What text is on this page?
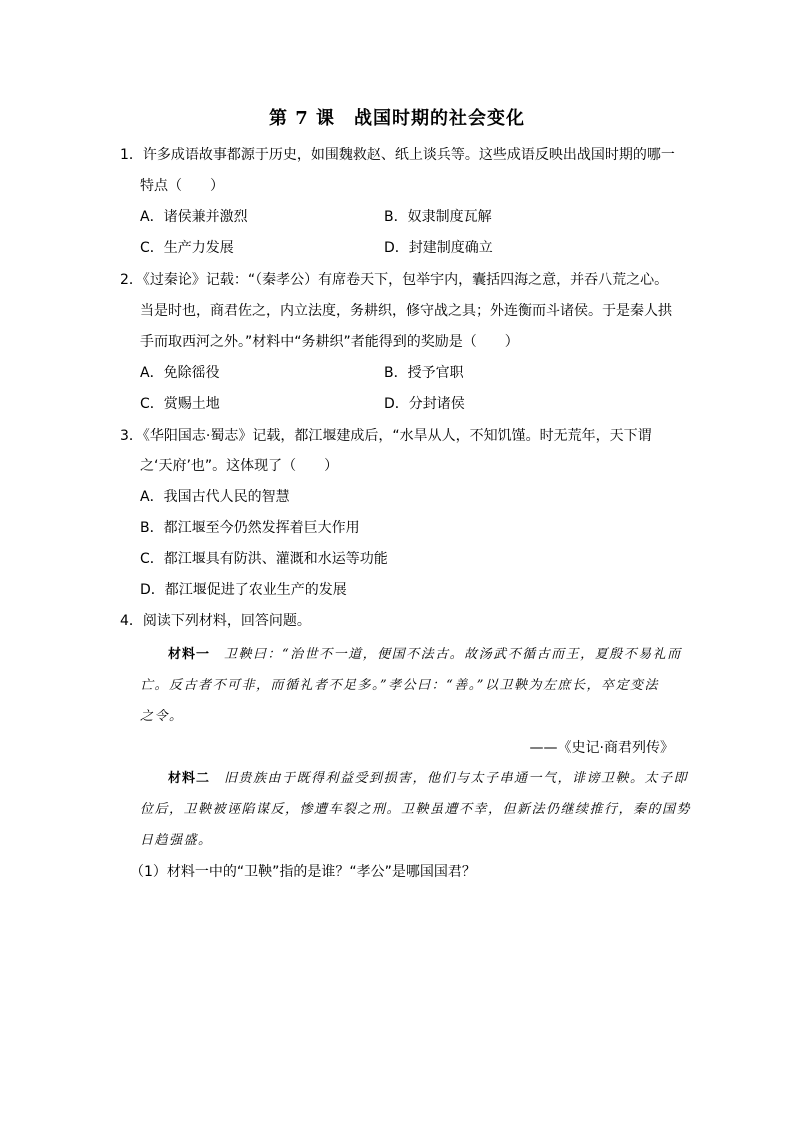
第 7 课　战国时期的社会变化
1．许多成语故事都源于历史，如围魏救赵、纸上谈兵等。这些成语反映出战国时期的哪一
特点（　　）
A．诸侯兼并激烈	B．奴隶制度瓦解
C．生产力发展	D．封建制度确立
2．《过秦论》记载：“（秦孝公）有席卷天下，包举宇内，囊括四海之意，并吞八荒之心。
当是时也，商君佐之，内立法度，务耕织，修守战之具；外连衡而斗诸侯。于是秦人拱
手而取西河之外。”材料中“务耕织”者能得到的奖励是（　　）
A．免除徭役	B．授予官职
C．赏赐土地	D．分封诸侯
3．《华阳国志·蜀志》记载，都江堰建成后，“水旱从人，不知饥馑。时无荒年，天下谓
之‘天府’也”。这体现了（　　）
A．我国古代人民的智慧
B．都江堰至今仍然发挥着巨大作用
C．都江堰具有防洪、灌溉和水运等功能
D．都江堰促进了农业生产的发展
4．阅读下列材料，回答问题。
材料一 卫鞅曰：“治世不一道，便国不法古。故汤武不循古而王，夏殷不易礼而
亡。反古者不可非，而循礼者不足多。”孝公曰：“善。”以卫鞅为左庶长，卒定变法
之令。
——《史记·商君列传》
材料二 旧贵族由于既得利益受到损害，他们与太子串通一气，诽谤卫鞅。太子即
位后，卫鞅被诬陷谋反，惨遭车裂之刑。卫鞅虽遭不幸，但新法仍继续推行，秦的国势
日趋强盛。
（1）材料一中的“卫鞅”指的是谁？“孝公”是哪国国君？
